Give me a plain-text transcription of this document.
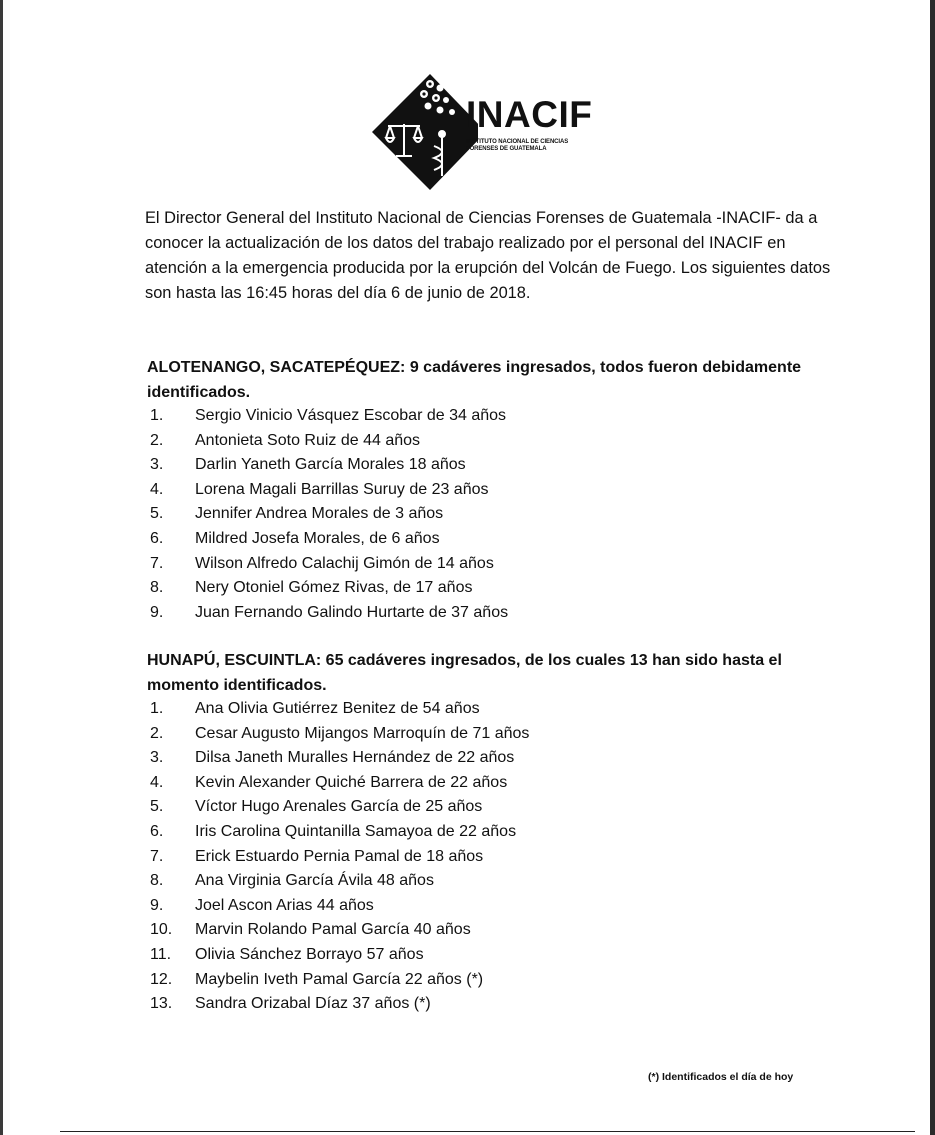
INACIF
INSTITUTO NACIONAL DE CIENCIAS
FORENSES DE GUATEMALA

El Director General del Instituto Nacional de Ciencias Forenses de Guatemala -INACIF- da a conocer la actualización de los datos del trabajo realizado por el personal del INACIF en atención a la emergencia producida por la erupción del Volcán de Fuego. Los siguientes datos son hasta las 16:45 horas del día 6 de junio de 2018.

ALOTENANGO, SACATEPÉQUEZ: 9 cadáveres ingresados, todos fueron debidamente identificados.

1. Sergio Vinicio Vásquez Escobar de 34 años
2. Antonieta Soto Ruiz de 44 años
3. Darlin Yaneth García Morales 18 años
4. Lorena Magali Barrillas Suruy de 23 años
5. Jennifer Andrea Morales de 3 años
6. Mildred Josefa Morales, de 6 años
7. Wilson Alfredo Calachij Gimón de 14 años
8. Nery Otoniel Gómez Rivas, de 17 años
9. Juan Fernando Galindo Hurtarte de 37 años

HUNAPÚ, ESCUINTLA: 65 cadáveres ingresados, de los cuales 13 han sido hasta el momento identificados.

1. Ana Olivia Gutiérrez Benitez de 54 años
2. Cesar Augusto Mijangos Marroquín de 71 años
3. Dilsa Janeth Muralles Hernández de 22 años
4. Kevin Alexander Quiché Barrera de 22 años
5. Víctor Hugo Arenales García de 25 años
6. Iris Carolina Quintanilla Samayoa de 22 años
7. Erick Estuardo Pernia Pamal de 18 años
8. Ana Virginia García Ávila 48 años
9. Joel Ascon Arias 44 años
10. Marvin Rolando Pamal García 40 años
11. Olivia Sánchez Borrayo 57 años
12. Maybelin Iveth Pamal García 22 años (*)
13. Sandra Orizabal Díaz 37 años (*)
(*) Identificados el día de hoy
